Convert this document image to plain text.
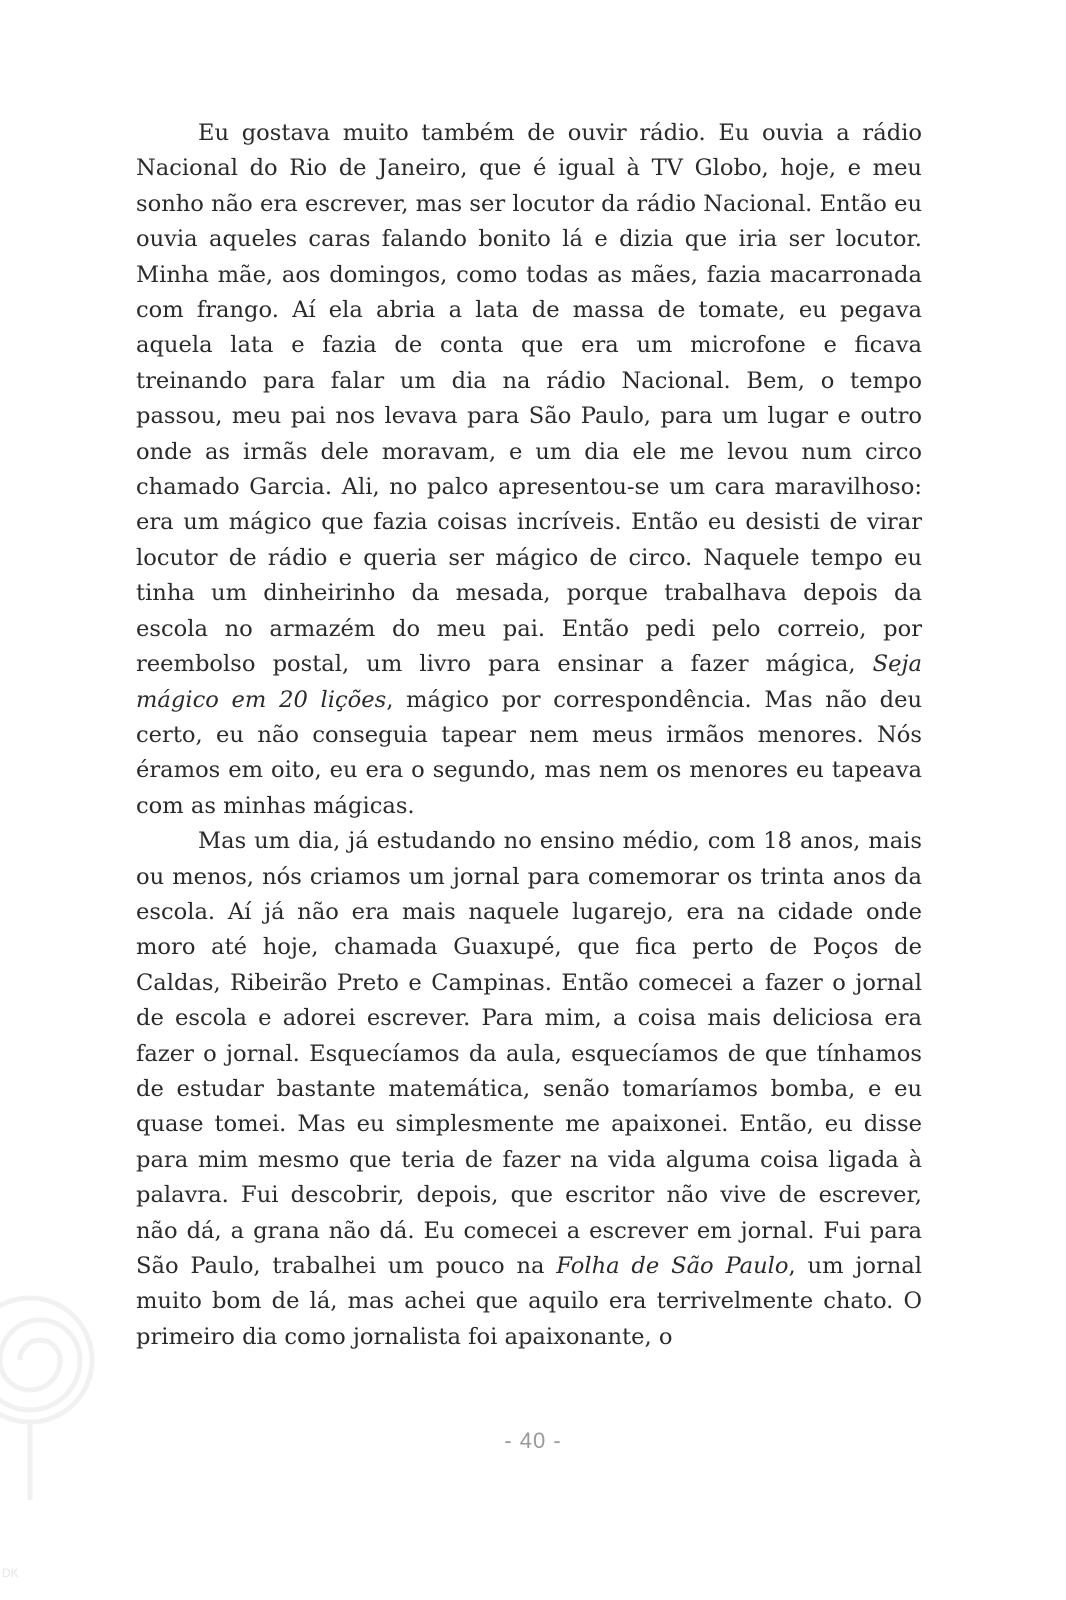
Eu gostava muito também de ouvir rádio. Eu ouvia a rádio Nacional do Rio de Janeiro, que é igual à TV Globo, hoje, e meu sonho não era escrever, mas ser locutor da rádio Nacional. Então eu ouvia aqueles caras falando bonito lá e dizia que iria ser locutor. Minha mãe, aos domingos, como todas as mães, fazia macarronada com frango. Aí ela abria a lata de massa de tomate, eu pegava aquela lata e fazia de conta que era um microfone e ficava treinando para falar um dia na rádio Nacional. Bem, o tempo passou, meu pai nos levava para São Paulo, para um lugar e outro onde as irmãs dele moravam, e um dia ele me levou num circo chamado Garcia. Ali, no palco apresentou-se um cara maravilhoso: era um mágico que fazia coisas incríveis. Então eu desisti de virar locutor de rádio e queria ser mágico de circo. Naquele tempo eu tinha um dinheirinho da mesada, porque trabalhava depois da escola no armazém do meu pai. Então pedi pelo correio, por reembolso postal, um livro para ensinar a fazer mágica, Seja mágico em 20 lições, mágico por correspondência. Mas não deu certo, eu não conseguia tapear nem meus irmãos menores. Nós éramos em oito, eu era o segundo, mas nem os menores eu tapeava com as minhas mágicas.

Mas um dia, já estudando no ensino médio, com 18 anos, mais ou menos, nós criamos um jornal para comemorar os trinta anos da escola. Aí já não era mais naquele lugarejo, era na cidade onde moro até hoje, chamada Guaxupé, que fica perto de Poços de Caldas, Ribeirão Preto e Campinas. Então comecei a fazer o jornal de escola e adorei escrever. Para mim, a coisa mais deliciosa era fazer o jornal. Esquecíamos da aula, esquecíamos de que tínhamos de estudar bastante matemática, senão tomaríamos bomba, e eu quase tomei. Mas eu simplesmente me apaixonei. Então, eu disse para mim mesmo que teria de fazer na vida alguma coisa ligada à palavra. Fui descobrir, depois, que escritor não vive de escrever, não dá, a grana não dá. Eu comecei a escrever em jornal. Fui para São Paulo, trabalhei um pouco na Folha de São Paulo, um jornal muito bom de lá, mas achei que aquilo era terrivelmente chato. O primeiro dia como jornalista foi apaixonante, o

- 40 -
DK
